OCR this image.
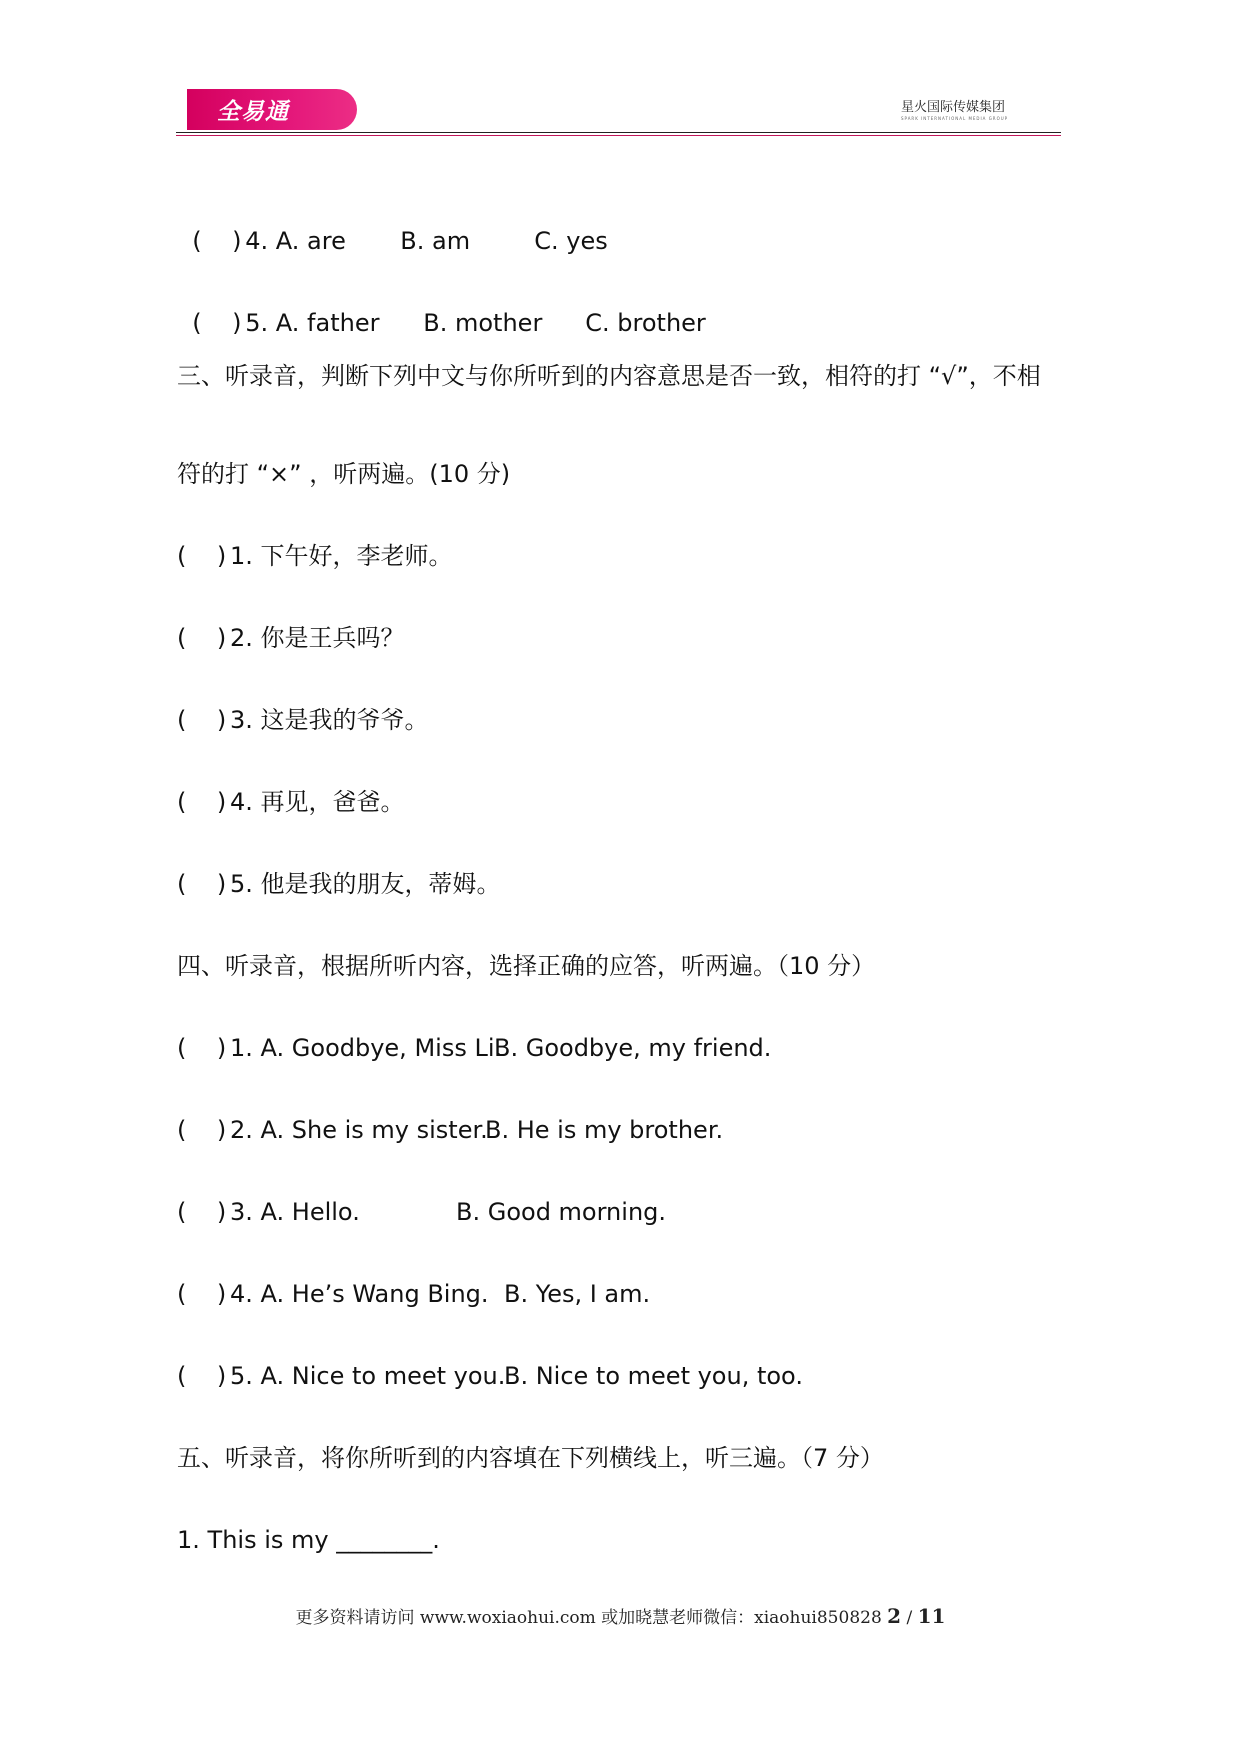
全易通	星火国际传媒集团
SPARK INTERNATIONAL MEDIA GROUP

(    ) 4. A. are B. am	C. yes

(    ) 5. A. father B. mother C. brother

三、听录音，判断下列中文与你所听到的内容意思是否一致，相符的打 “√”，不相
符的打 “×” ，听两遍。(10 分)
(    ) 1. 下午好，李老师。
(    ) 2. 你是王兵吗？
(    ) 3. 这是我的爷爷。
(    ) 4. 再见，爸爸。
(    ) 5. 他是我的朋友，蒂姆。
四、听录音，根据所听内容，选择正确的应答，听两遍。（10 分）
(    ) 1. A. Goodbye, Miss Li.B. Goodbye, my friend.
(    ) 2. A. She is my sister.B. He is my brother.
(    ) 3. A. Hello.	B. Good morning.
(    ) 4. A. He’s Wang Bing. B. Yes, I am.
(    ) 5. A. Nice to meet you.B. Nice to meet you, too.
五、听录音，将你所听到的内容填在下列横线上，听三遍。（7 分）
1. This is my ________.
更多资料请访问 www.woxiaohui.com 或加晓慧老师微信：xiaohui850828 2 / 11
